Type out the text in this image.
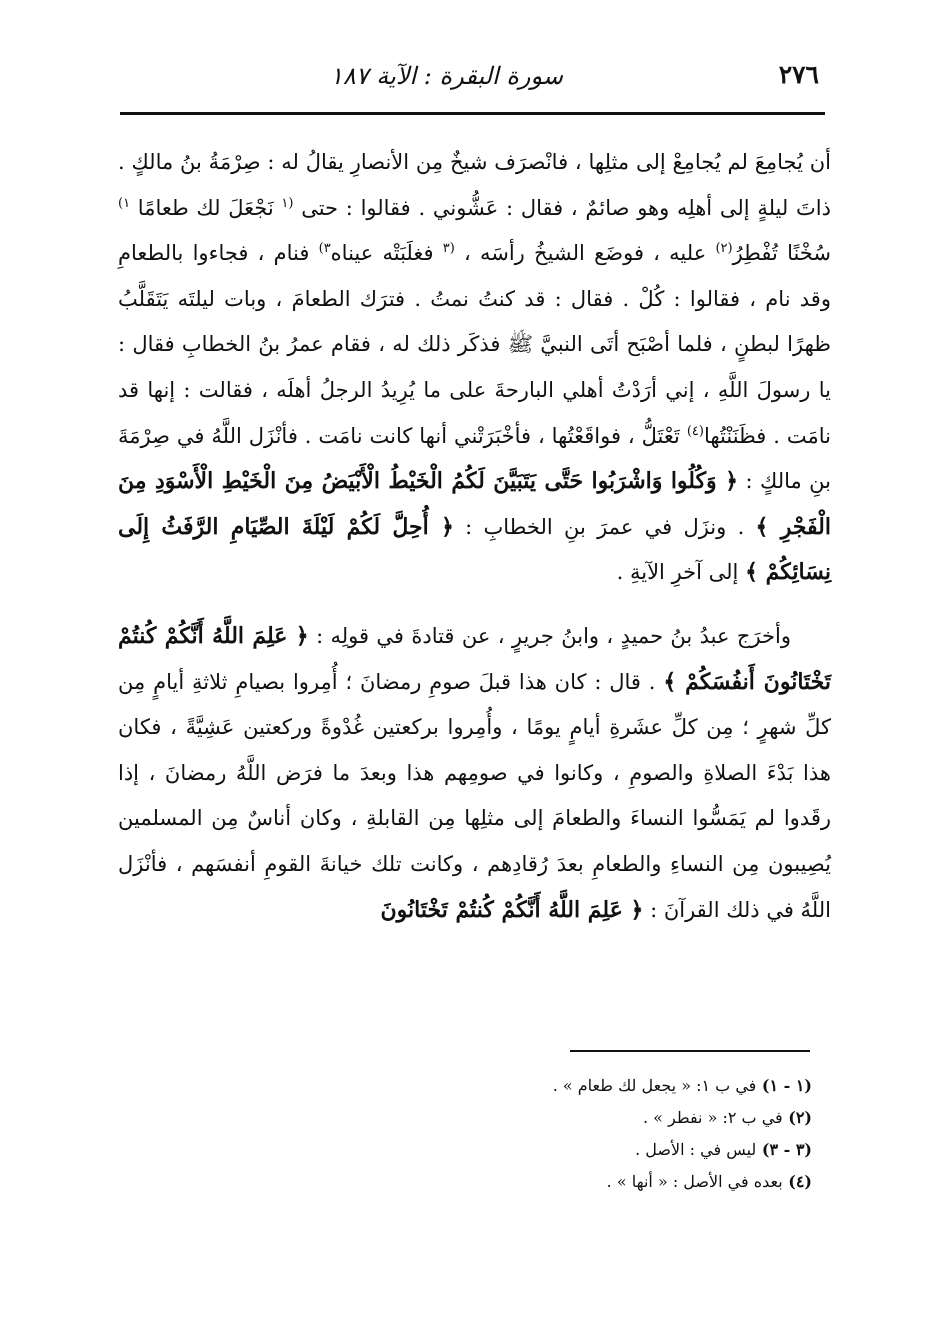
٢٧٦
سورة البقرة : الآية ١٨٧

أن يُجامِعَ لم يُجامِعْ إلى مثلِها ، فانْصرَف شيخٌ مِن الأنصارِ يقالُ له : صِرْمَةُ بنُ مالكٍ . ذاتَ ليلةٍ إلى أهلِه وهو صائمٌ ، فقال : عَشُّوني . فقالوا : حتى $^{(١}$ نَجْعَلَ لك طعامًا $^{١)}$ سُخْنًا تُفْطِرُ$^{(٢)}$ عليه ، فوضَع الشيخُ رأسَه ، $^{(٣}$ فغلَبَتْه عيناه$^{٣)}$ فنام ، فجاءوا بالطعامِ وقد نام ، فقالوا : كُلْ . فقال : قد كنتُ نمتُ . فترَك الطعامَ ، وبات ليلتَه يَتَقَلَّبُ ظهرًا لبطنٍ ، فلما أصْبَح أتَى النبيَّ ﷺ فذكَر ذلك له ، فقام عمرُ بنُ الخطابِ فقال : يا رسولَ اللَّهِ ، إني أرَدْتُ أهلي البارحةَ على ما يُرِيدُ الرجلُ أهلَه ، فقالت : إنها قد نامَت . فظَنَنْتُها$^{(٤)}$ تَعْتَلُّ ، فواقَعْتُها ، فأخْبَرَتْني أنها كانت نامَت . فأنْزَل اللَّهُ في صِرْمَةَ بنِ مالكٍ : ﴿ وَكُلُوا وَاشْرَبُوا حَتَّى يَتَبَيَّنَ لَكُمُ الْخَيْطُ الْأَبْيَضُ مِنَ الْخَيْطِ الْأَسْوَدِ مِنَ الْفَجْرِ ﴾ . ونزَل في عمرَ بنِ الخطابِ : ﴿ أُحِلَّ لَكُمْ لَيْلَةَ الصِّيَامِ الرَّفَثُ إِلَى نِسَائِكُمْ ﴾ إلى آخرِ الآيةِ .

وأخرَج عبدُ بنُ حميدٍ ، وابنُ جريرٍ ، عن قتادةَ في قولِه : ﴿ عَلِمَ اللَّهُ أَنَّكُمْ كُنتُمْ تَخْتَانُونَ أَنفُسَكُمْ ﴾ . قال : كان هذا قبلَ صومِ رمضانَ ؛ أُمِروا بصيامِ ثلاثةِ أيامٍ مِن كلِّ شهرٍ ؛ مِن كلِّ عشَرةِ أيامٍ يومًا ، وأُمِروا بركعتين غُدْوةً وركعتين عَشِيَّةً ، فكان هذا بَدْءَ الصلاةِ والصومِ ، وكانوا في صومِهم هذا وبعدَ ما فرَض اللَّهُ رمضانَ ، إذا رقَدوا لم يَمَسُّوا النساءَ والطعامَ إلى مثلِها مِن القابلةِ ، وكان أناسٌ مِن المسلمين يُصِيبون مِن النساءِ والطعامِ بعدَ رُقادِهم ، وكانت تلك خيانةَ القومِ أنفسَهم ، فأنْزَل اللَّهُ في ذلك القرآنَ : ﴿ عَلِمَ اللَّهُ أَنَّكُمْ كُنتُمْ تَخْتَانُونَ

(١ - ١) في ب ١: « يجعل لك طعام » .
(٢) في ب ٢: « نفطر » .
(٣ - ٣) ليس في : الأصل .
(٤) بعده في الأصل : « أنها » .
